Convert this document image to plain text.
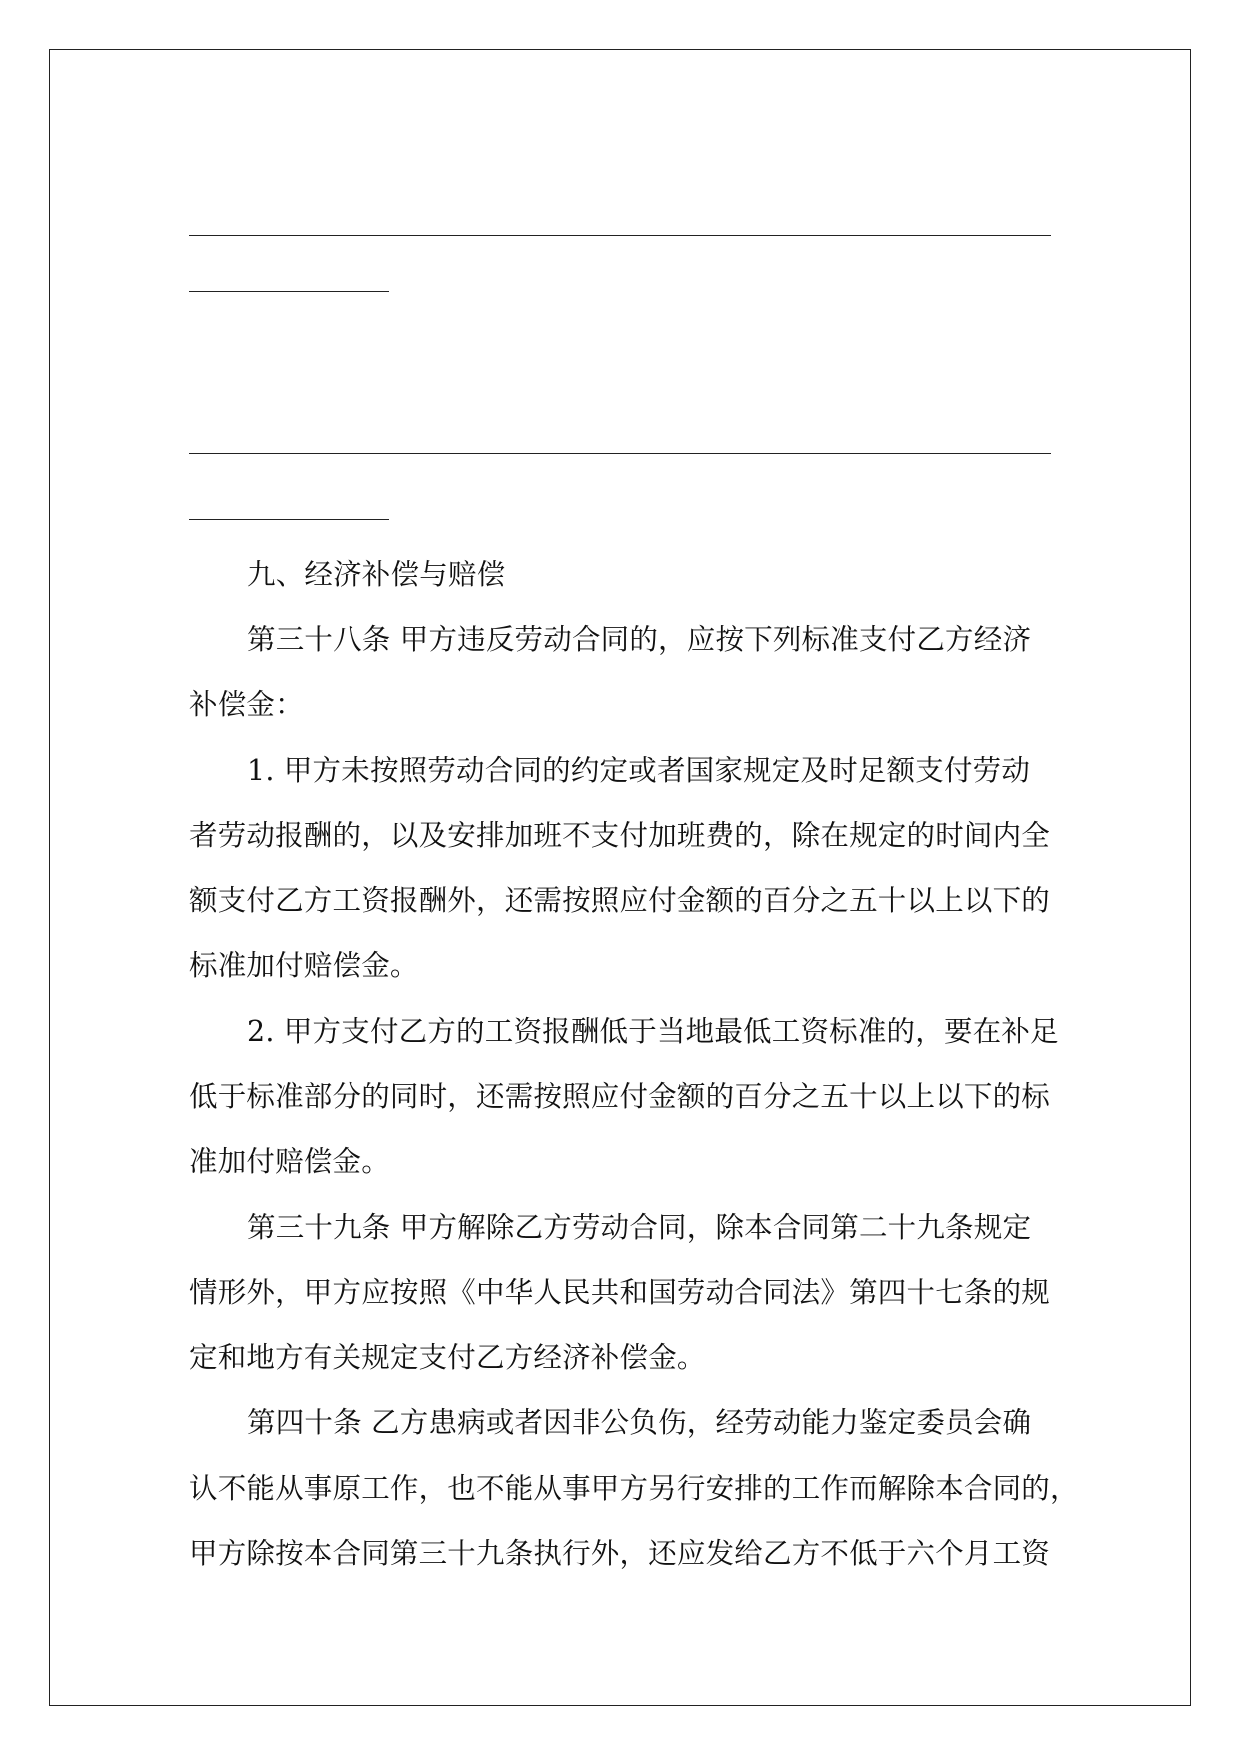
九、经济补偿与赔偿
第三十八条 甲方违反劳动合同的，应按下列标准支付乙方经济
补偿金：
1. 甲方未按照劳动合同的约定或者国家规定及时足额支付劳动
者劳动报酬的，以及安排加班不支付加班费的，除在规定的时间内全
额支付乙方工资报酬外，还需按照应付金额的百分之五十以上以下的
标准加付赔偿金。
2. 甲方支付乙方的工资报酬低于当地最低工资标准的，要在补足
低于标准部分的同时，还需按照应付金额的百分之五十以上以下的标
准加付赔偿金。
第三十九条 甲方解除乙方劳动合同，除本合同第二十九条规定
情形外，甲方应按照《中华人民共和国劳动合同法》第四十七条的规
定和地方有关规定支付乙方经济补偿金。
第四十条 乙方患病或者因非公负伤，经劳动能力鉴定委员会确
认不能从事原工作，也不能从事甲方另行安排的工作而解除本合同的，
甲方除按本合同第三十九条执行外，还应发给乙方不低于六个月工资
